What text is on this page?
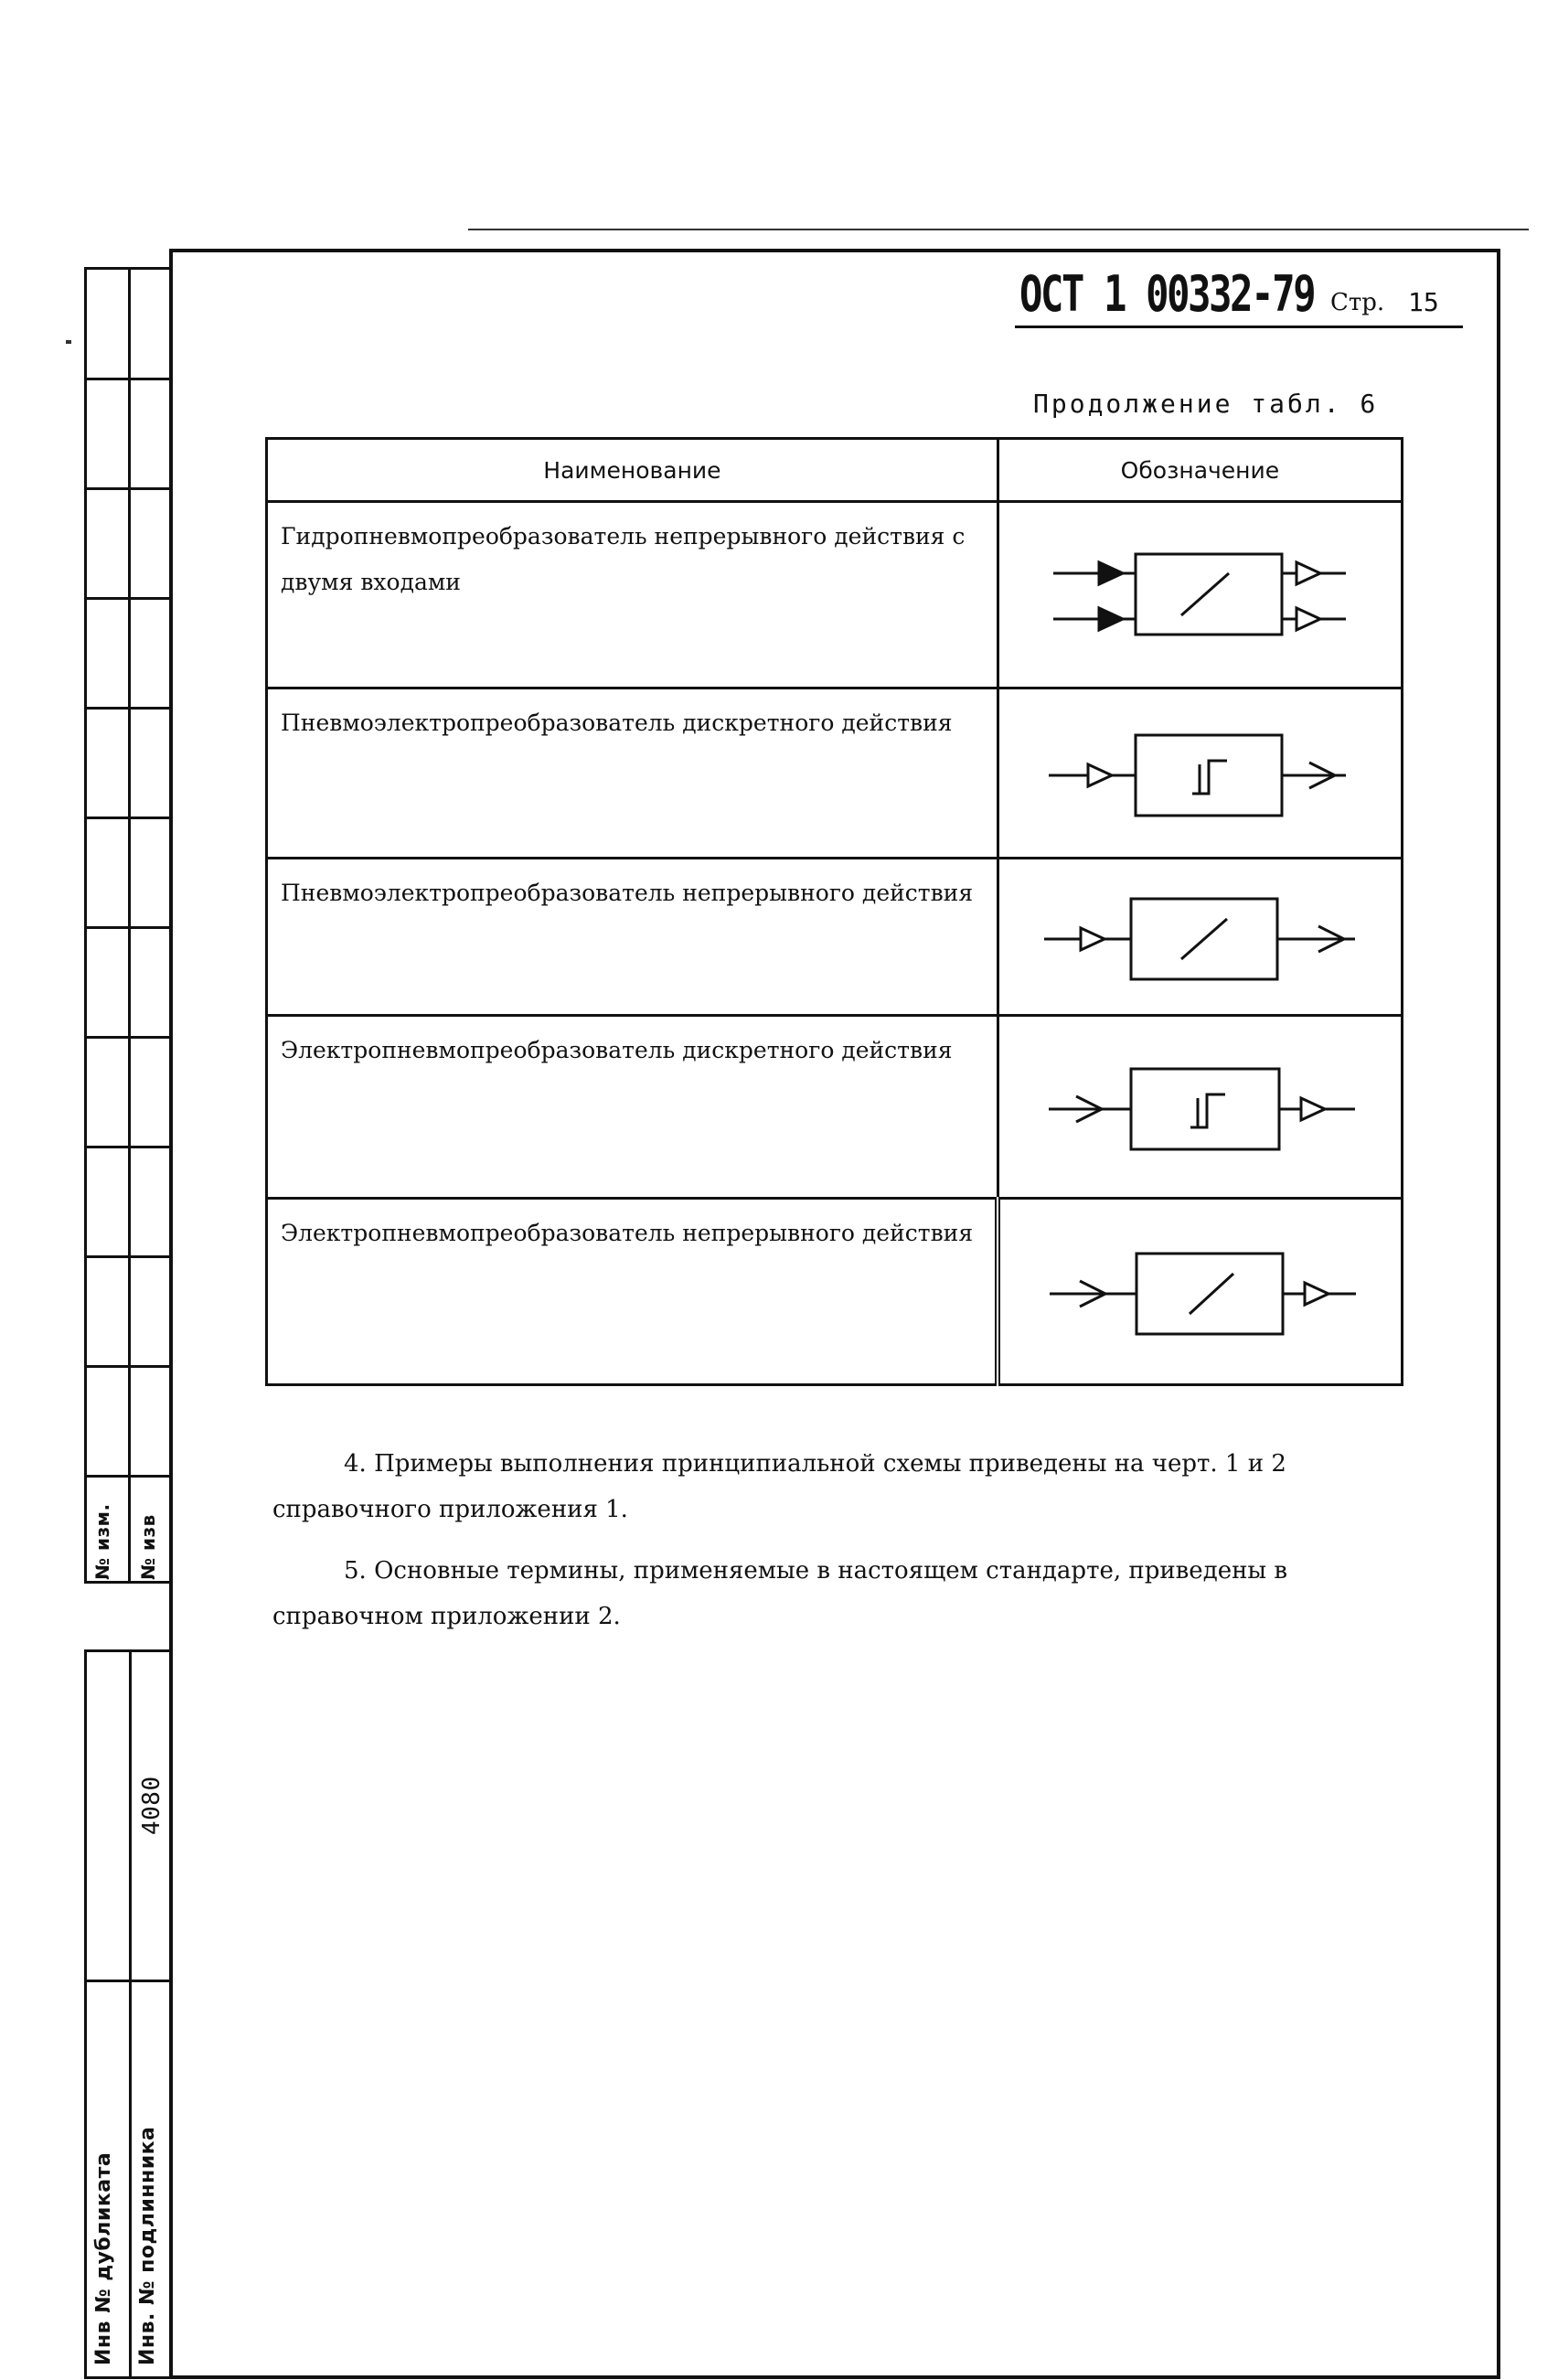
№ изм. № изв
Инв № дубликата Инв. № подлинника
4080
ОСТ 1 00332-79 Стр. 15
Продолжение табл. 6
Наименование	Обозначение
Гидропневмопреобразователь непрерывного действия с двумя входами	

Пневмоэлектропреобразователь дискретного действия	

Пневмоэлектропреобразователь непрерывного действия	

Электропневмопреобразователь дискретного действия	

Электропневмопреобразователь непрерывного действия	
4. Примеры выполнения принципиальной схемы приведены на черт. 1 и 2 справочного приложения 1.
5. Основные термины, применяемые в настоящем стандарте, приведены в справочном приложении 2.
